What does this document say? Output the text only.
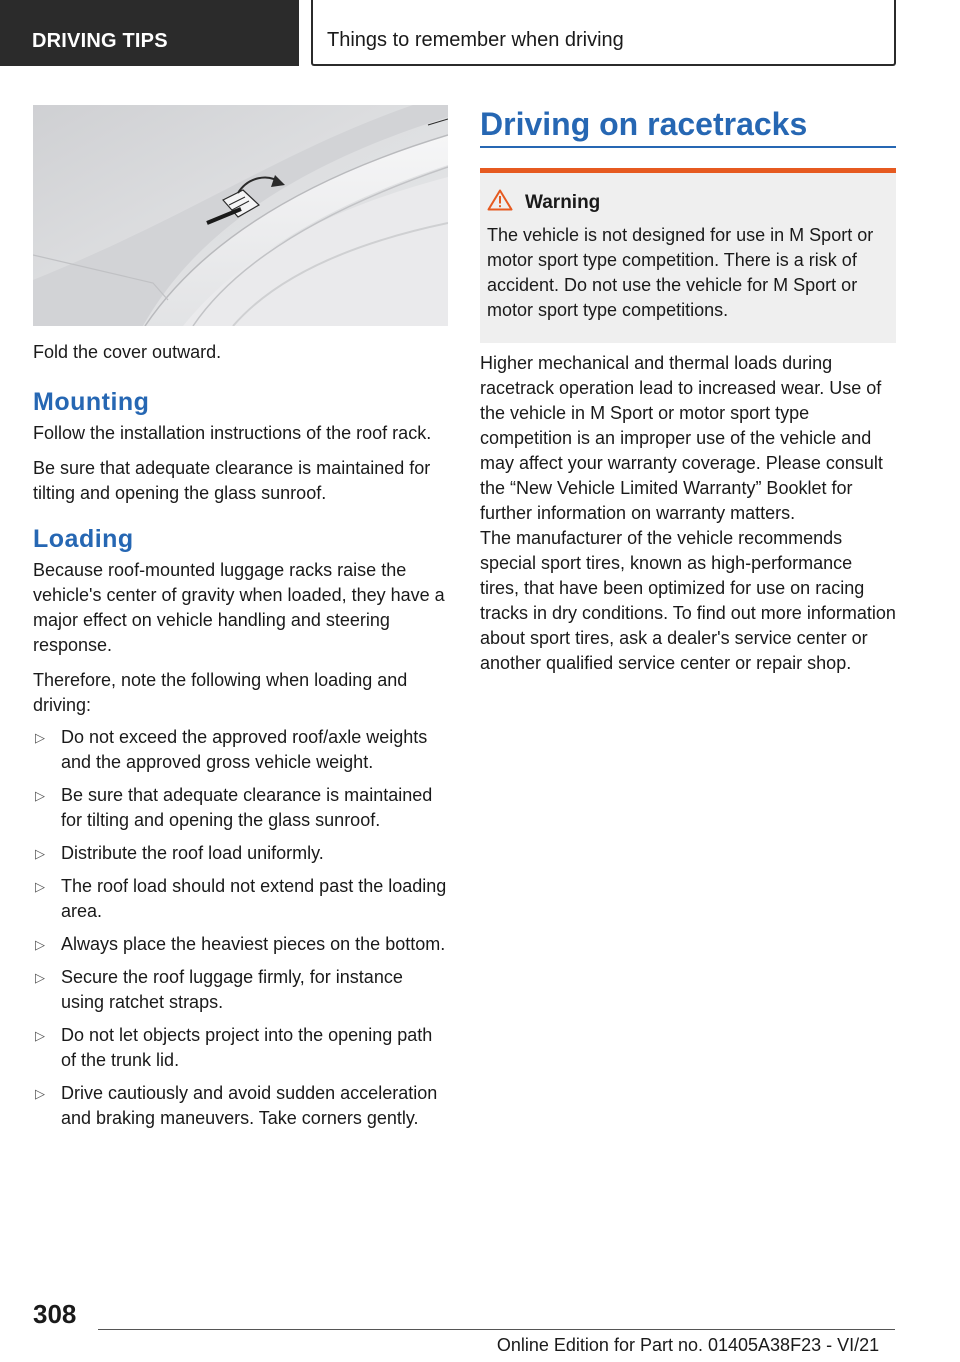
DRIVING TIPS	Things to remember when driving
Fold the cover outward.
Mounting

Follow the installation instructions of the roof rack.

Be sure that adequate clearance is maintained for tilting and opening the glass sunroof.

Loading

Because roof-mounted luggage racks raise the vehicle's center of gravity when loaded, they have a major effect on vehicle handling and steering response.

Therefore, note the following when loading and driving:

▷ Do not exceed the approved roof/axle weights and the approved gross vehicle weight.
▷ Be sure that adequate clearance is maintained for tilting and opening the glass sunroof.
▷ Distribute the roof load uniformly.
▷ The roof load should not extend past the loading area.
▷ Always place the heaviest pieces on the bottom.
▷ Secure the roof luggage firmly, for instance using ratchet straps.
▷ Do not let objects project into the opening path of the trunk lid.
▷ Drive cautiously and avoid sudden acceleration and braking maneuvers. Take corners gently.
Driving on racetracks
Warning

The vehicle is not designed for use in M Sport or motor sport type competition. There is a risk of accident. Do not use the vehicle for M Sport or motor sport type competitions.

Higher mechanical and thermal loads during racetrack operation lead to increased wear. Use of the vehicle in M Sport or motor sport type competition is an improper use of the vehicle and may affect your warranty coverage. Please consult the “New Vehicle Limited Warranty” Booklet for further information on warranty matters.

The manufacturer of the vehicle recommends special sport tires, known as high-performance tires, that have been optimized for use on racing tracks in dry conditions. To find out more information about sport tires, ask a dealer's service center or another qualified service center or repair shop.

308
Online Edition for Part no. 01405A38F23 - VI/21
